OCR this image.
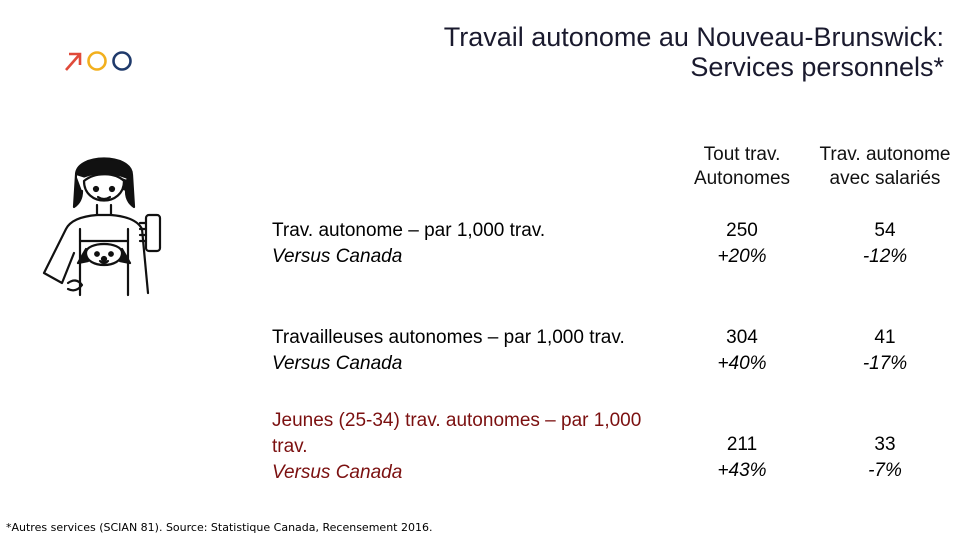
Travail autonome au Nouveau-Brunswick:
Services personnels*
Tout trav.
Autonomes
Trav. autonome
avec salariés
Trav. autonome – par 1,000 trav.
Versus Canada
250
+20%
54
-12%
Travailleuses autonomes – par 1,000 trav.
Versus Canada
304
+40%
41
-17%
Jeunes (25-34) trav. autonomes – par 1,000 trav.
Versus Canada
211
+43%
33
-7%
*Autres services (SCIAN 81). Source: Statistique Canada, Recensement 2016.
